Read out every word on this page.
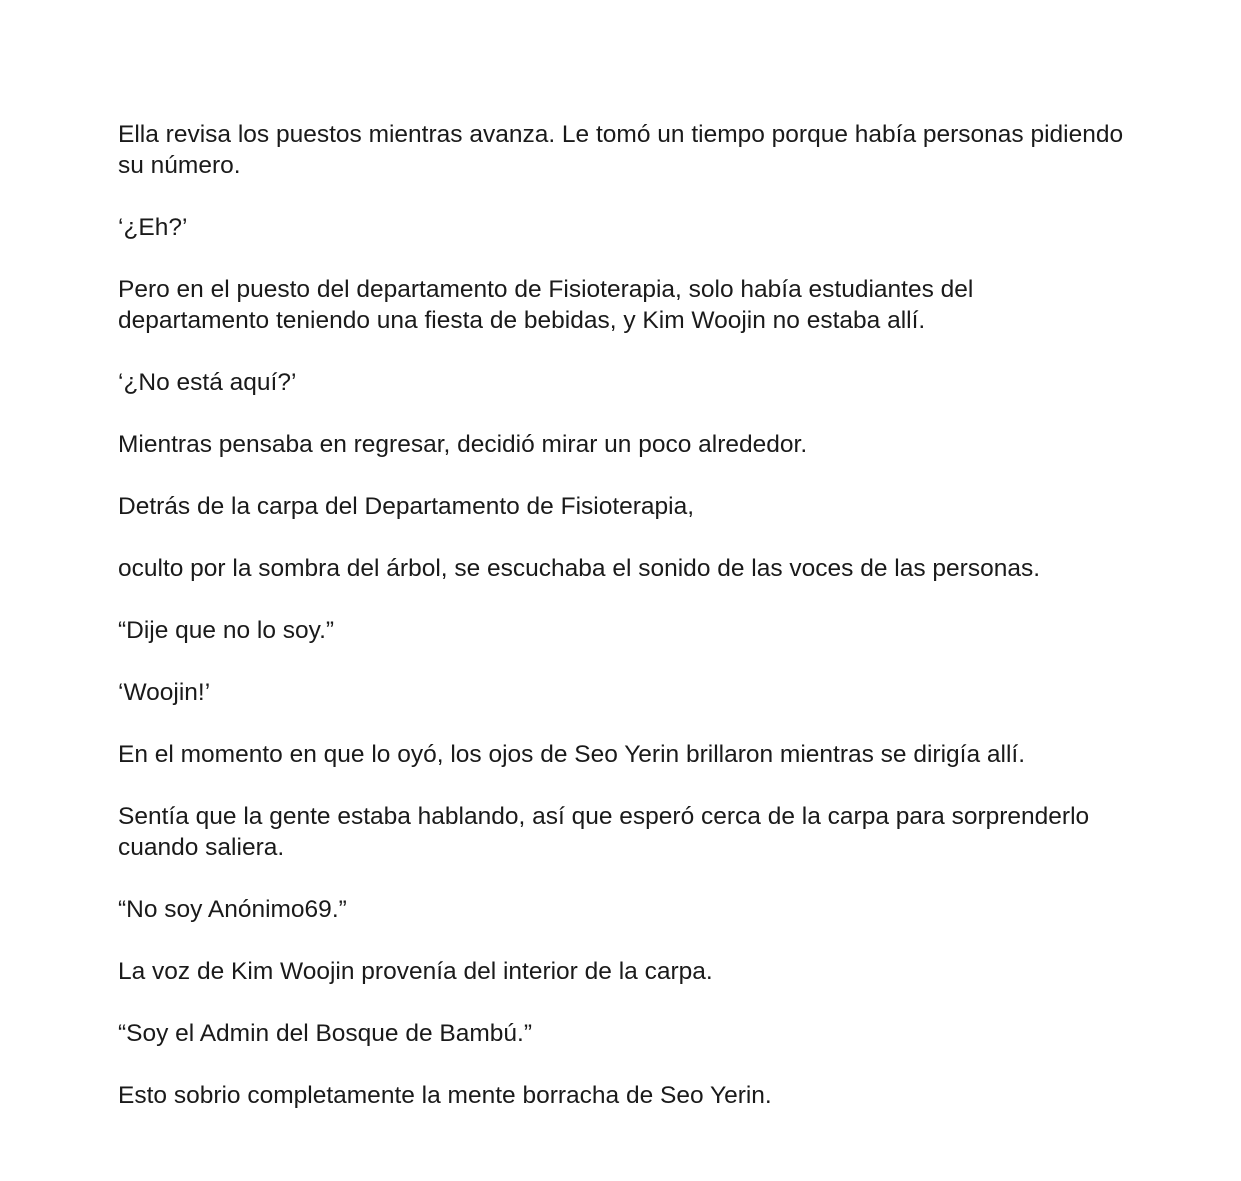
Ella revisa los puestos mientras avanza. Le tomó un tiempo porque había personas pidiendo su número.

‘¿Eh?’

Pero en el puesto del departamento de Fisioterapia, solo había estudiantes del departamento teniendo una fiesta de bebidas, y Kim Woojin no estaba allí.

‘¿No está aquí?’

Mientras pensaba en regresar, decidió mirar un poco alrededor.

Detrás de la carpa del Departamento de Fisioterapia,

oculto por la sombra del árbol, se escuchaba el sonido de las voces de las personas.

“Dije que no lo soy.”

‘Woojin!’

En el momento en que lo oyó, los ojos de Seo Yerin brillaron mientras se dirigía allí.

Sentía que la gente estaba hablando, así que esperó cerca de la carpa para sorprenderlo cuando saliera.

“No soy Anónimo69.”

La voz de Kim Woojin provenía del interior de la carpa.

“Soy el Admin del Bosque de Bambú.”

Esto sobrio completamente la mente borracha de Seo Yerin.
